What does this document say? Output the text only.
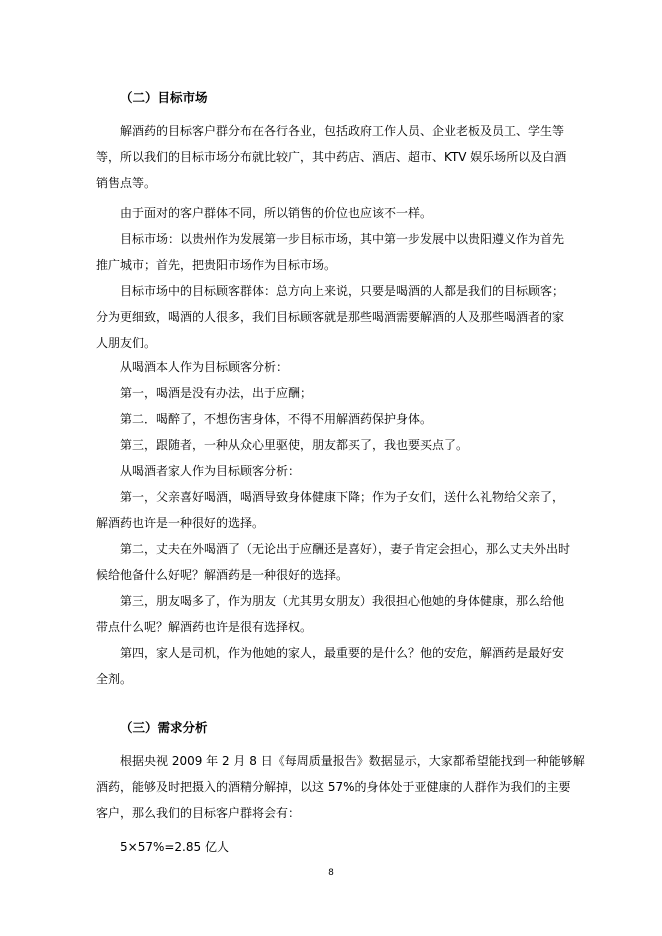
（二）目标市场
解酒药的目标客户群分布在各行各业，包括政府工作人员、企业老板及员工、学生等
等，所以我们的目标市场分布就比较广，其中药店、酒店、超市、KTV 娱乐场所以及白酒
销售点等。
由于面对的客户群体不同，所以销售的价位也应该不一样。
目标市场：以贵州作为发展第一步目标市场，其中第一步发展中以贵阳遵义作为首先
推广城市；首先，把贵阳市场作为目标市场。
目标市场中的目标顾客群体：总方向上来说，只要是喝酒的人都是我们的目标顾客；
分为更细致，喝酒的人很多，我们目标顾客就是那些喝酒需要解酒的人及那些喝酒者的家
人朋友们。
从喝酒本人作为目标顾客分析：
第一，喝酒是没有办法，出于应酬；
第二．喝醉了，不想伤害身体，不得不用解酒药保护身体。
第三，跟随者，一种从众心里驱使，朋友都买了，我也要买点了。
从喝酒者家人作为目标顾客分析：
第一，父亲喜好喝酒，喝酒导致身体健康下降；作为子女们，送什么礼物给父亲了，
解酒药也许是一种很好的选择。
第二，丈夫在外喝酒了（无论出于应酬还是喜好），妻子肯定会担心，那么丈夫外出时
候给他备什么好呢？解酒药是一种很好的选择。
第三，朋友喝多了，作为朋友（尤其男女朋友）我很担心他她的身体健康，那么给他
带点什么呢？解酒药也许是很有选择权。
第四，家人是司机，作为他她的家人，最重要的是什么？他的安危，解酒药是最好安
全剂。
（三）需求分析
根据央视 2009 年 2 月 8 日《每周质量报告》数据显示，大家都希望能找到一种能够解
酒药，能够及时把摄入的酒精分解掉，以这 57%的身体处于亚健康的人群作为我们的主要
客户，那么我们的目标客户群将会有：
5×57%=2.85 亿人
8
